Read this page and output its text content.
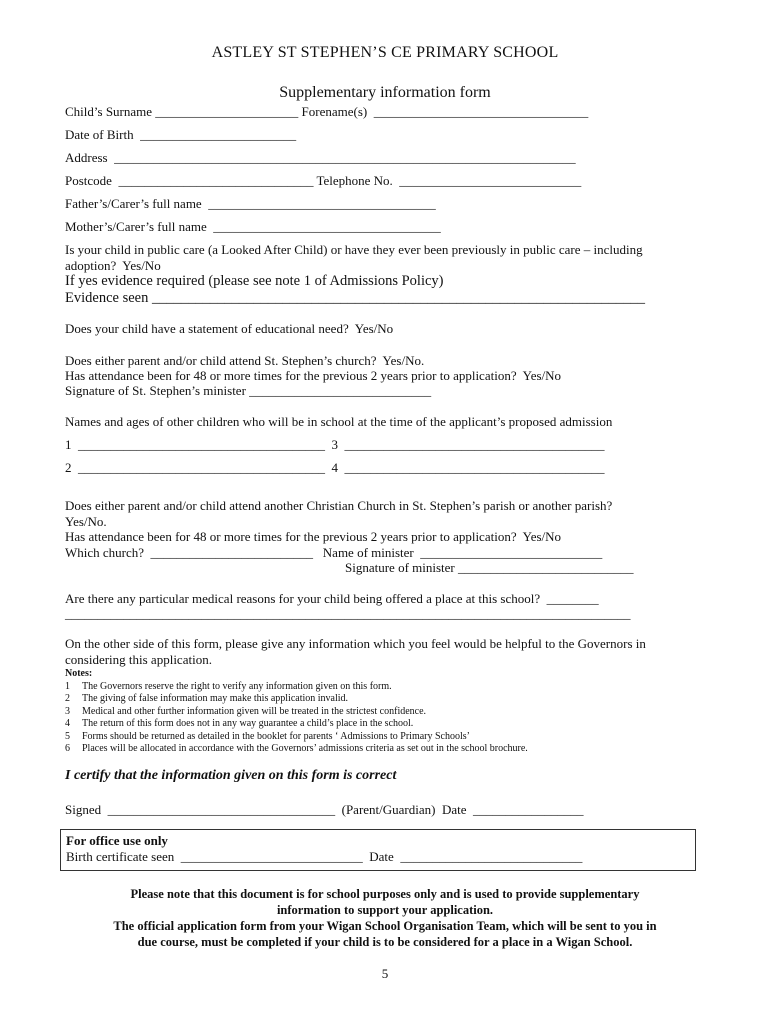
ASTLEY ST STEPHEN’S CE PRIMARY SCHOOL
Supplementary information form
Child’s Surname ______________________ Forename(s)  _________________________________
Date of Birth  ________________________
Address  _______________________________________________________________________
Postcode  ______________________________ Telephone No.  ____________________________
Father’s/Carer’s full name  ___________________________________
Mother’s/Carer’s full name  ___________________________________
Is your child in public care (a Looked After Child) or have they ever been previously in public care – including
adoption?  Yes/No
If yes evidence required (please see note 1 of Admissions Policy)
Evidence seen ____________________________________________________________________
Does your child have a statement of educational need?  Yes/No
Does either parent and/or child attend St. Stephen’s church?  Yes/No.
Has attendance been for 48 or more times for the previous 2 years prior to application?  Yes/No
Signature of St. Stephen’s minister ____________________________
Names and ages of other children who will be in school at the time of the applicant’s proposed admission
1  ______________________________________  3  ________________________________________
2  ______________________________________  4  ________________________________________
Does either parent and/or child attend another Christian Church in St. Stephen’s parish or another parish?
Yes/No.
Has attendance been for 48 or more times for the previous 2 years prior to application?  Yes/No
Which church?  _________________________   Name of minister  ____________________________
Signature of minister ___________________________
Are there any particular medical reasons for your child being offered a place at this school?  ________
_______________________________________________________________________________________
On the other side of this form, please give any information which you feel would be helpful to the Governors in
considering this application.
Notes:
1 The Governors reserve the right to verify any information given on this form.
2 The giving of false information may make this application invalid.
3 Medical and other further information given will be treated in the strictest confidence.
4 The return of this form does not in any way guarantee a child’s place in the school.
5 Forms should be returned as detailed in the booklet for parents ‘ Admissions to Primary Schools’
6 Places will be allocated in accordance with the Governors’ admissions criteria as set out in the school brochure.
I certify that the information given on this form is correct
Signed  ___________________________________  (Parent/Guardian)  Date  _________________
For office use only
Birth certificate seen  ____________________________  Date  ____________________________
Please note that this document is for school purposes only and is used to provide supplementary
information to support your application.
The official application form from your Wigan School Organisation Team, which will be sent to you in
due course, must be completed if your child is to be considered for a place in a Wigan School.
5
